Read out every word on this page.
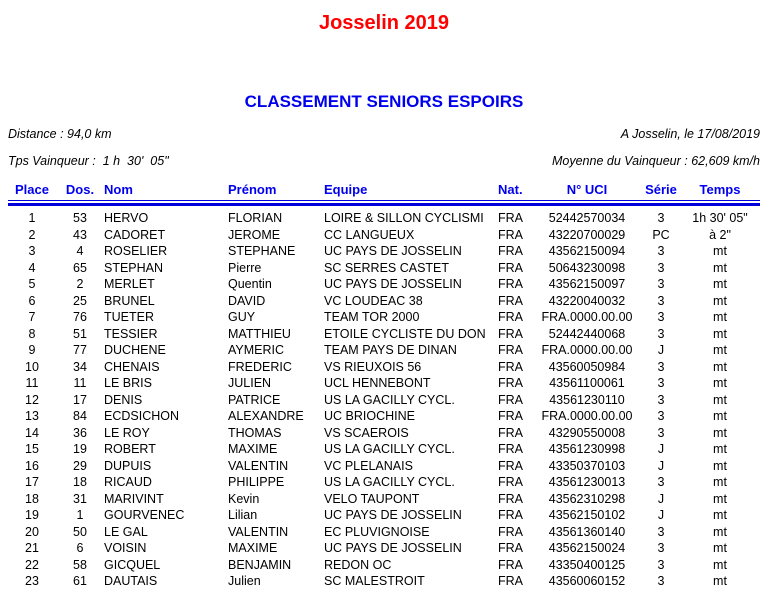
Josselin 2019
CLASSEMENT SENIORS ESPOIRS
Distance : 94,0 km	A Josselin, le 17/08/2019
Tps Vainqueur :  1 h  30'  05"	Moyenne du Vainqueur : 62,609 km/h
Place	Dos.	Nom	Prénom	Equipe	Nat.	N° UCI	Série	Temps
1	53	HERVO	FLORIAN	LOIRE & SILLON CYCLISMI	FRA	52442570034	3	1h 30' 05"
2	43	CADORET	JEROME	CC LANGUEUX	FRA	43220700029	PC	à 2"
3	4	ROSELIER	STEPHANE	UC PAYS DE JOSSELIN	FRA	43562150094	3	mt
4	65	STEPHAN	Pierre	SC SERRES CASTET	FRA	50643230098	3	mt
5	2	MERLET	Quentin	UC PAYS DE JOSSELIN	FRA	43562150097	3	mt
6	25	BRUNEL	DAVID	VC LOUDEAC 38	FRA	43220040032	3	mt
7	76	TUETER	GUY	TEAM TOR 2000	FRA	FRA.0000.00.00	3	mt
8	51	TESSIER	MATTHIEU	ETOILE CYCLISTE DU DON	FRA	52442440068	3	mt
9	77	DUCHENE	AYMERIC	TEAM PAYS DE DINAN	FRA	FRA.0000.00.00	J	mt
10	34	CHENAIS	FREDERIC	VS RIEUXOIS 56	FRA	43560050984	3	mt
11	11	LE BRIS	JULIEN	UCL HENNEBONT	FRA	43561100061	3	mt
12	17	DENIS	PATRICE	US LA GACILLY CYCL.	FRA	43561230110	3	mt
13	84	ECDSICHON	ALEXANDRE	UC BRIOCHINE	FRA	FRA.0000.00.00	3	mt
14	36	LE ROY	THOMAS	VS SCAEROIS	FRA	43290550008	3	mt
15	19	ROBERT	MAXIME	US LA GACILLY CYCL.	FRA	43561230998	J	mt
16	29	DUPUIS	VALENTIN	VC PLELANAIS	FRA	43350370103	J	mt
17	18	RICAUD	PHILIPPE	US LA GACILLY CYCL.	FRA	43561230013	3	mt
18	31	MARIVINT	Kevin	VELO TAUPONT	FRA	43562310298	J	mt
19	1	GOURVENEC	Lilian	UC PAYS DE JOSSELIN	FRA	43562150102	J	mt
20	50	LE GAL	VALENTIN	EC PLUVIGNOISE	FRA	43561360140	3	mt
21	6	VOISIN	MAXIME	UC PAYS DE JOSSELIN	FRA	43562150024	3	mt
22	58	GICQUEL	BENJAMIN	REDON OC	FRA	43350400125	3	mt
23	61	DAUTAIS	Julien	SC MALESTROIT	FRA	43560060152	3	mt
